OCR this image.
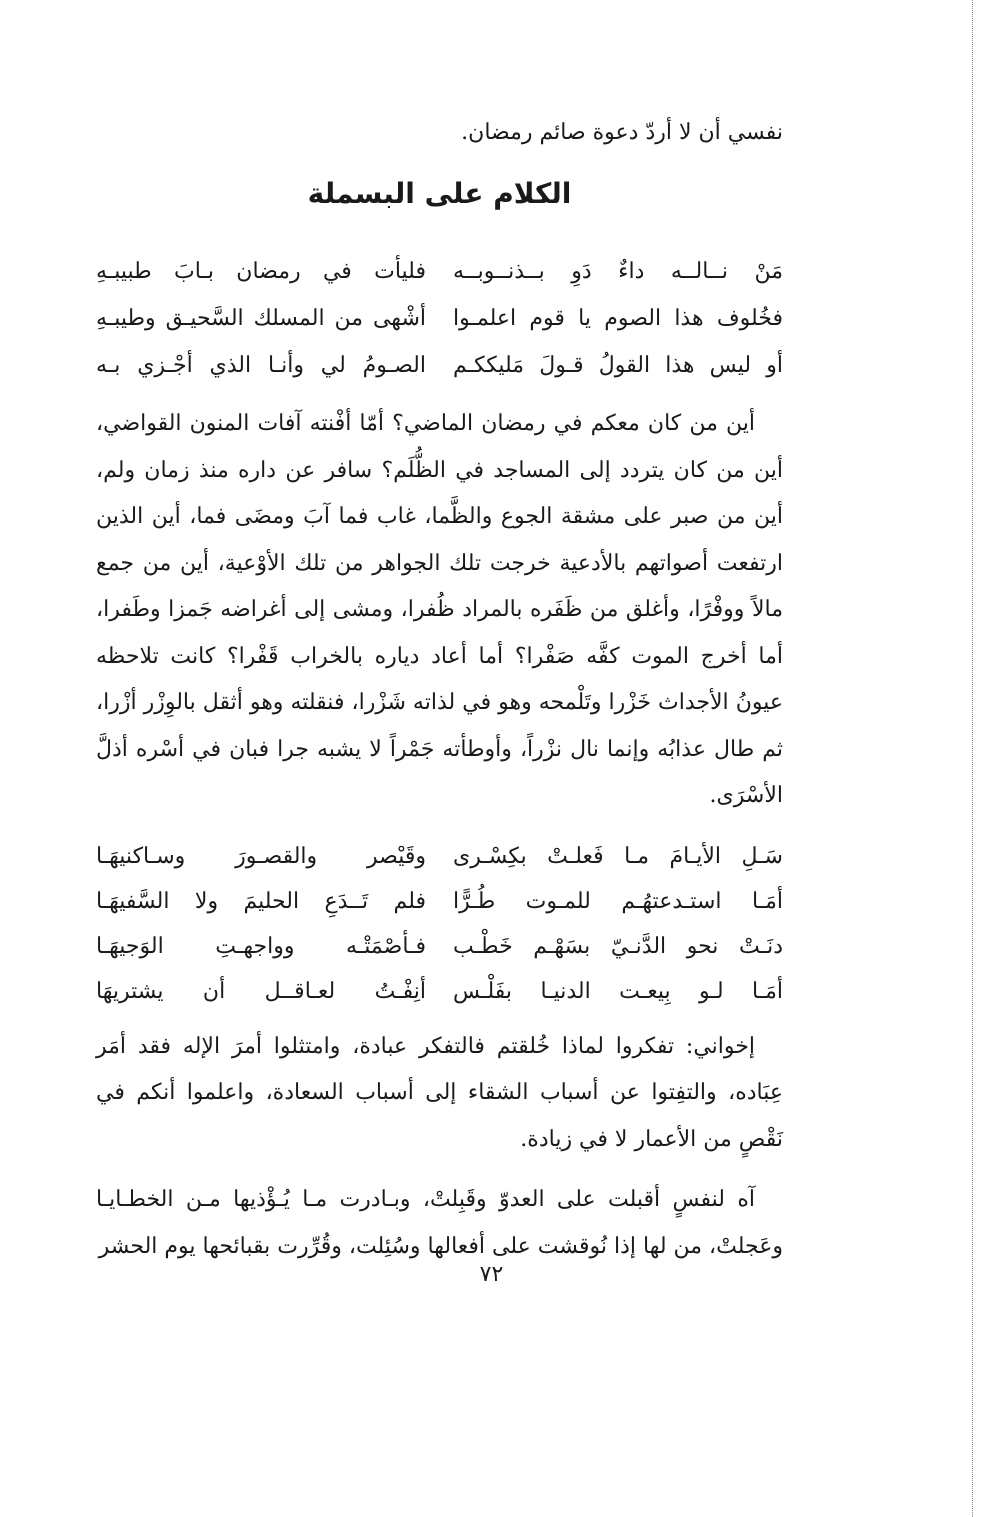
نفسي أن لا أردّ دعوة صائم رمضان.

الكلام على البسملة
مَنْ نــالــه داءٌ دَوِ بــذنــوبــه
فليأت في رمضان بـابَ طبيبـهِ
فخُلوف هذا الصوم يا قوم اعلمـوا
أشْهى من المسلك السَّحيـق وطيبـهِ
أو ليس هذا القولُ قـولَ مَليككـم
الصـومُ لي وأنـا الذي أجْـزي بـه

أين من كان معكم في رمضان الماضي؟ أمّا أفْنته آفات المنون القواضي، أين من كان يتردد إلى المساجد في الظُّلَم؟ سافر عن داره منذ زمان ولم، أين من صبر على مشقة الجوع والظَّما، غاب فما آبَ ومضَى فما، أين الذين ارتفعت أصواتهم بالأدعية خرجت تلك الجواهر من تلك الأوْعية، أين من جمع مالاً ووفْرًا، وأغلق من ظَفَره بالمراد ظُفرا، ومشى إلى أغراضه جَمزا وطَفرا، أما أخرج الموت كفَّه صَفْرا؟ أما أعاد دياره بالخراب قَفْرا؟ كانت تلاحظه عيونُ الأجداث خَزْرا وتَلْمحه وهو في لذاته شَزْرا، فنقلته وهو أثقل بالوِزْر أزْرا، ثم طال عذابُه وإنما نال نزْراً، وأوطأته جَمْراً لا يشبه جرا فبان في أسْره أذلَّ الأسْرَى.

سَـلِ الأيـامَ مـا فَعلـتْ بكِسْـرى
وقَيْصر والقصـورَ وسـاكنيهَـا
أمَـا استـدعتهُـم للمـوت طُـرًّا
فلم تَــدَعِ الحليمَ ولا السَّفيهَـا
دنَـتْ نحو الدَّنـيّ بسَهْـم خَطْـب
فـأصْمَتْـه وواجهـتِ الوَجيهَـا
أمَـا لـو بِيعـت الدنيـا بفَلْـس
أنِفْـتُ لعـاقــل أن يشتريهَا

إخواني: تفكروا لماذا خُلقتم فالتفكر عبادة، وامتثلوا أمرَ الإله فقد أمَر عِبَاده، والتفِتوا عن أسباب الشقاء إلى أسباب السعادة، واعلموا أنكم في نَقْصٍ من الأعمار لا في زيادة.

آه لنفسٍ أقبلت على العدوّ وقَبِلتْ، وبـادرت مـا يُـؤْذيها مـن الخطـايـا وعَجلتْ، من لها إذا نُوقشت على أفعالها وسُئِلت، وقُرِّرت بقبائحها يوم الحشر

٧٢
